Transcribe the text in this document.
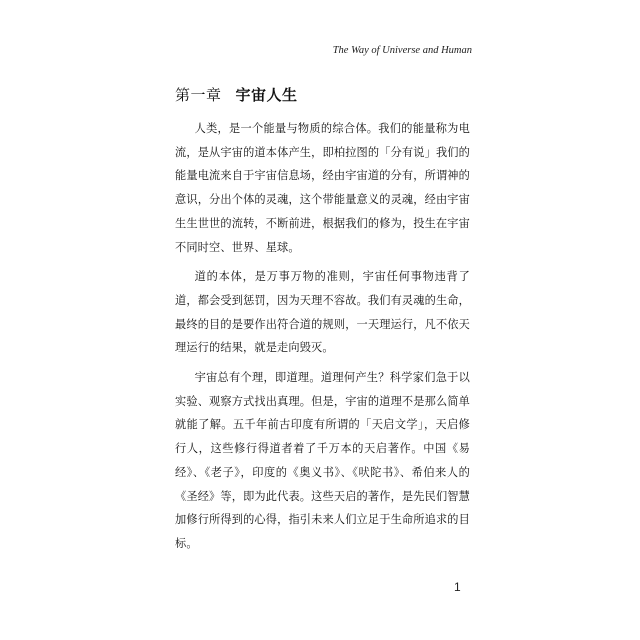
The Way of Universe and Human
第一章 宇宙人生

人类，是一个能量与物质的综合体。我们的能量称为电流，是从宇宙的道本体产生，即柏拉图的「分有说」我们的能量电流来自于宇宙信息场，经由宇宙道的分有，所谓神的意识，分出个体的灵魂，这个带能量意义的灵魂，经由宇宙生生世世的流转，不断前进，根据我们的修为，投生在宇宙不同时空、世界、星球。

道的本体，是万事万物的准则，宇宙任何事物违背了道，都会受到惩罚，因为天理不容故。我们有灵魂的生命，最终的目的是要作出符合道的规则，一天理运行，凡不依天理运行的结果，就是走向毁灭。

宇宙总有个理，即道理。道理何产生？科学家们急于以实验、观察方式找出真理。但是，宇宙的道理不是那么简单就能了解。五千年前古印度有所谓的「天启文学」，天启修行人，这些修行得道者着了千万本的天启著作。中国《易经》、《老子》，印度的《奥义书》、《吠陀书》、希伯来人的《圣经》等，即为此代表。这些天启的著作，是先民们智慧加修行所得到的心得，指引未来人们立足于生命所追求的目标。

1
